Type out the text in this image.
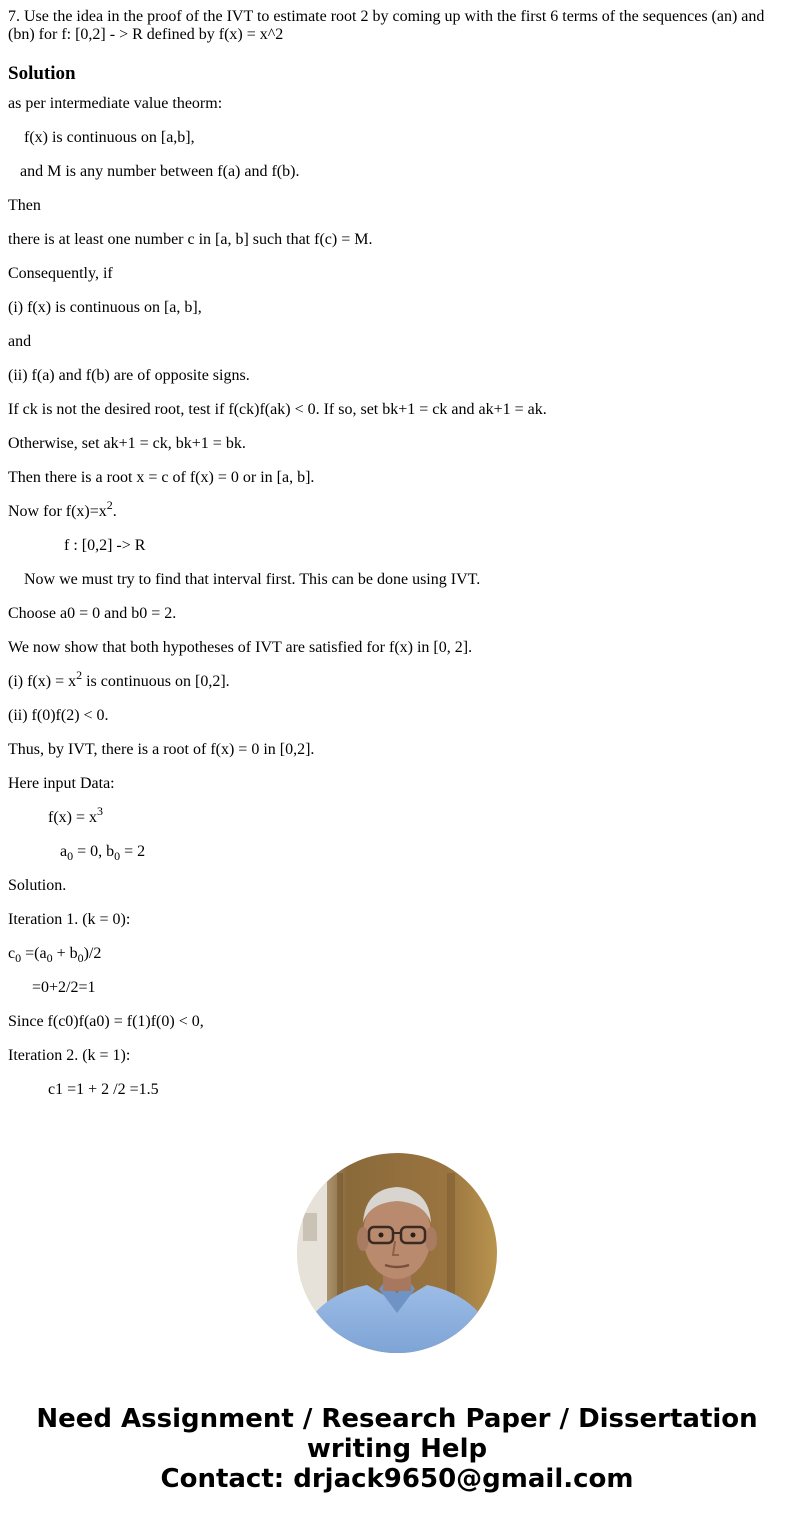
7. Use the idea in the proof of the IVT to estimate root 2 by coming up with the first 6 terms of the sequences (an) and (bn) for f: [0,2] - > R defined by f(x) = x^2

Solution

as per intermediate value theorm:

f(x) is continuous on [a,b],

and M is any number between f(a) and f(b).

Then

there is at least one number c in [a, b] such that f(c) = M.

Consequently, if

(i) f(x) is continuous on [a, b],

and

(ii) f(a) and f(b) are of opposite signs.

If ck is not the desired root, test if f(ck)f(ak) < 0. If so, set bk+1 = ck and ak+1 = ak.

Otherwise, set ak+1 = ck, bk+1 = bk.

Then there is a root x = c of f(x) = 0 or in [a, b].

Now for $f(x)=x^2$.

f : [0,2] -> R

Now we must try to find that interval first. This can be done using IVT.

Choose a0 = 0 and b0 = 2.

We now show that both hypotheses of IVT are satisfied for f(x) in [0, 2].

(i) $f(x) = x^2$ is continuous on [0,2].

(ii) f(0)f(2) < 0.

Thus, by IVT, there is a root of f(x) = 0 in [0,2].

Here input Data:

$f(x) = x^3$

$a_0 = 0$, $b_0 = 2$

Solution.

Iteration 1. (k = 0):

$c_0 =(a_0 + b_0)/2$

=0+2/2=1

Since f(c0)f(a0) = f(1)f(0) < 0,

Iteration 2. (k = 1):

c1 =1 + 2 /2 =1.5

Need Assignment / Research Paper / Dissertation
writing Help
Contact: drjack9650@gmail.com
